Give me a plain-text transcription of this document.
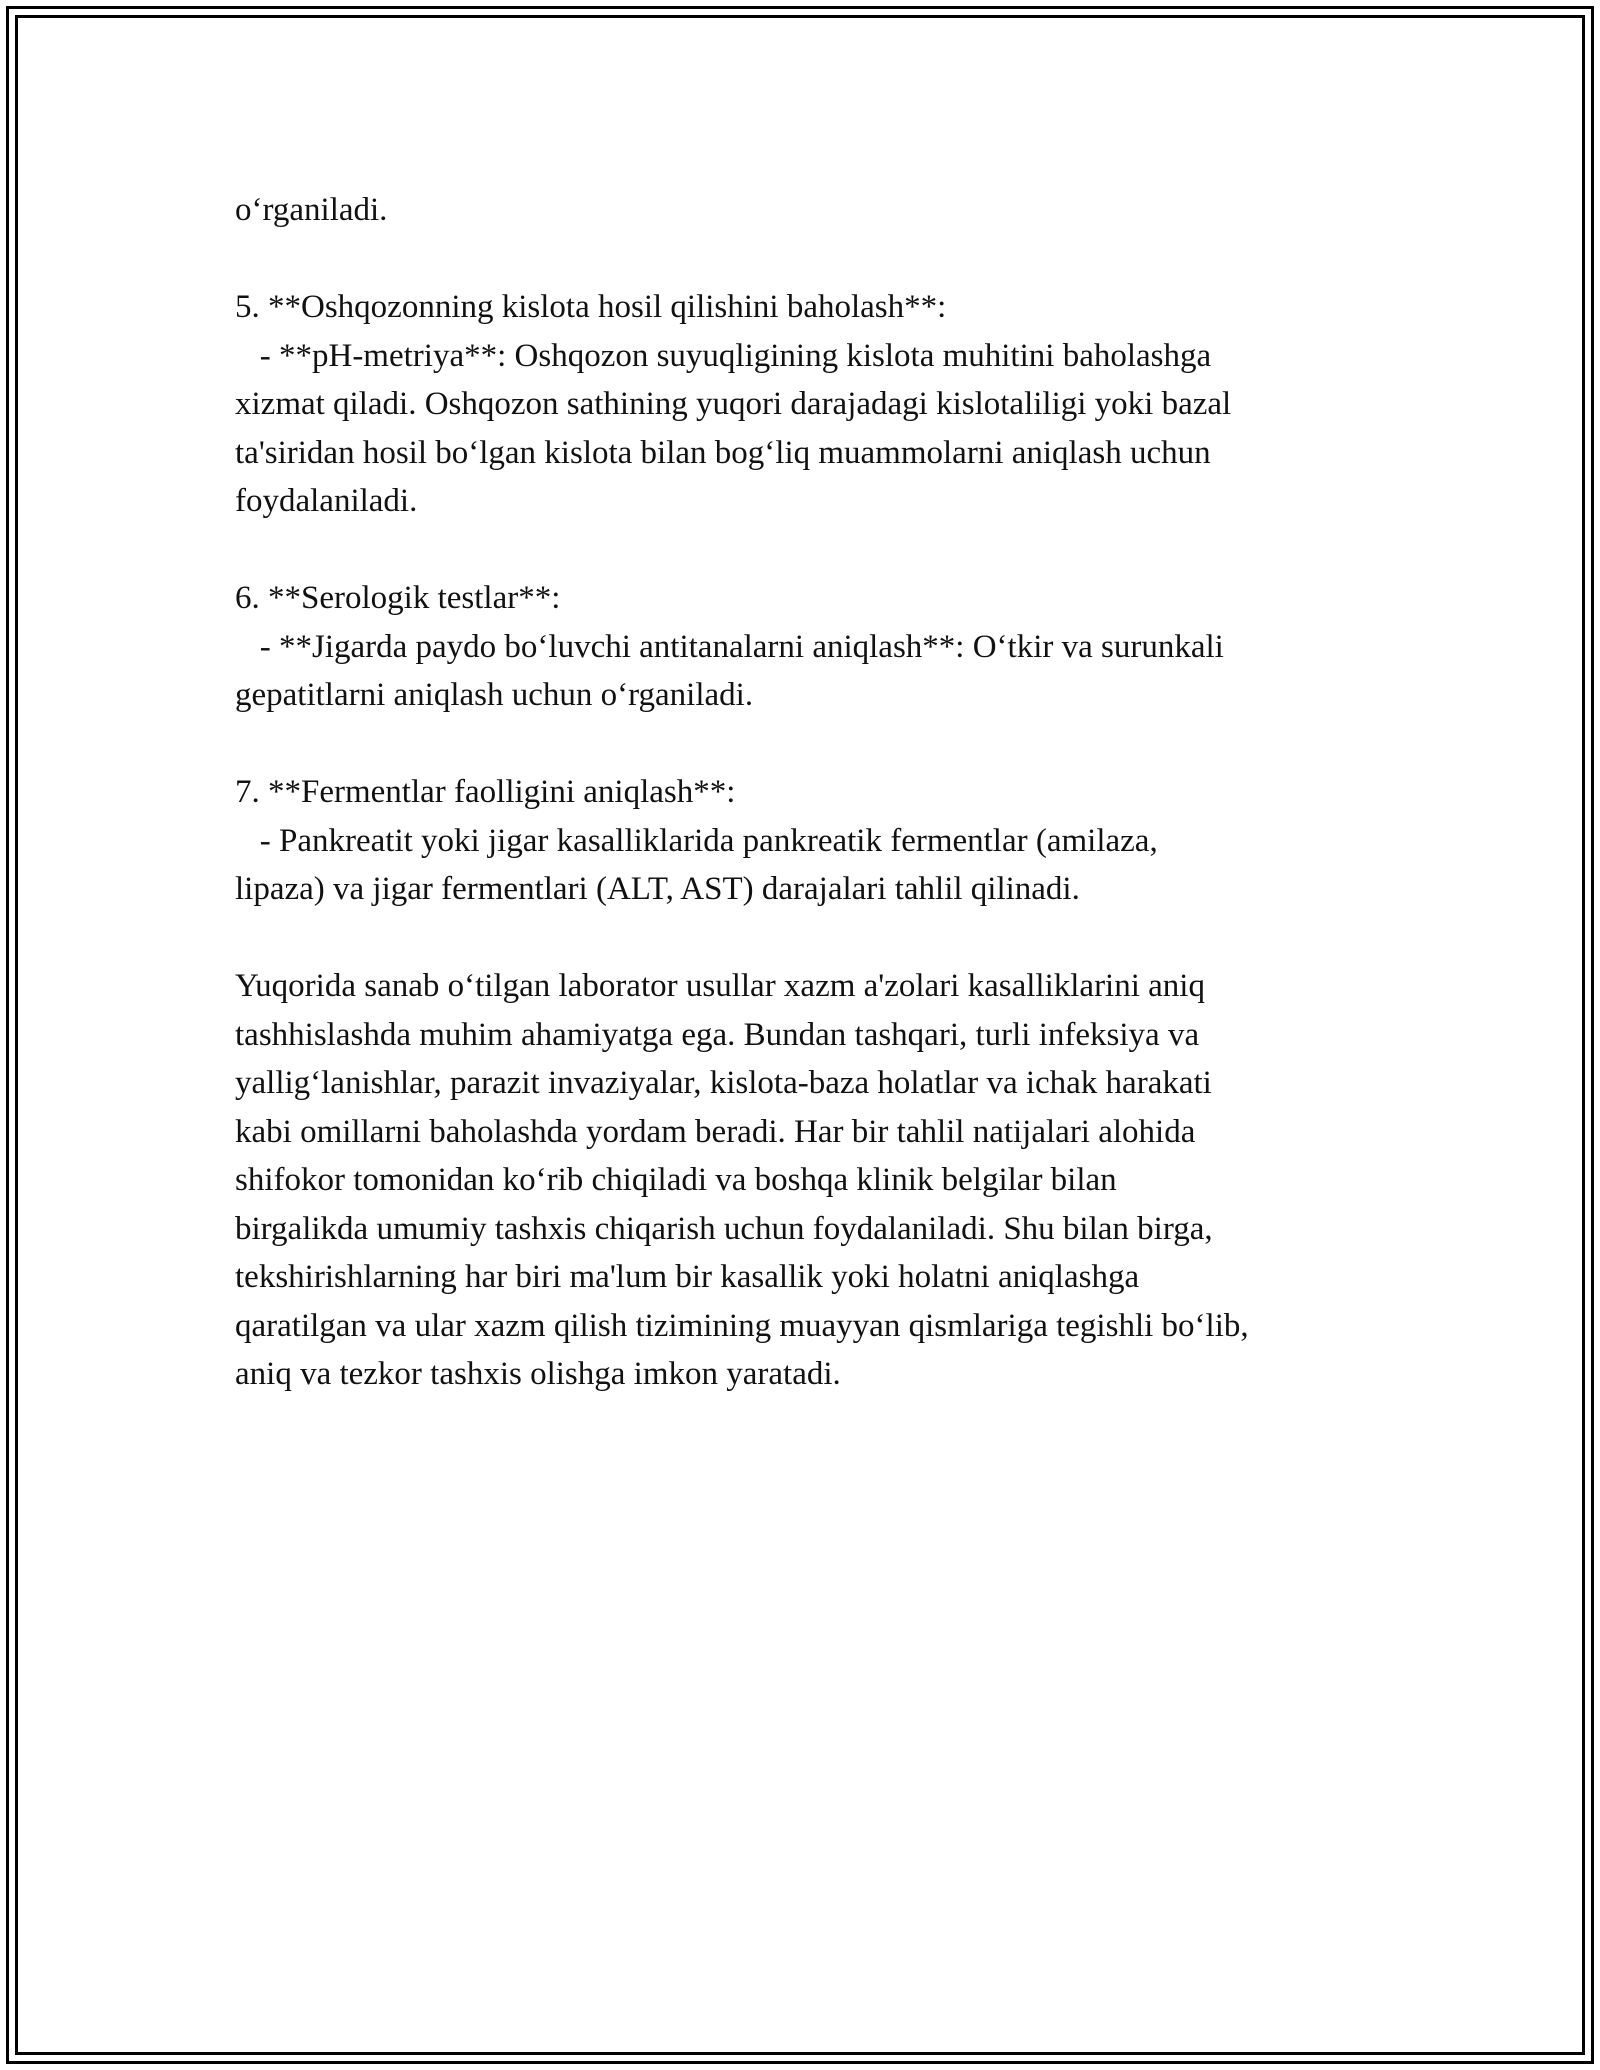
o‘rganiladi.

5. **Oshqozonning kislota hosil qilishini baholash**:

- **pH-metriya**: Oshqozon suyuqligining kislota muhitini baholashga

xizmat qiladi. Oshqozon sathining yuqori darajadagi kislotaliligi yoki bazal

ta'siridan hosil bo‘lgan kislota bilan bog‘liq muammolarni aniqlash uchun

foydalaniladi.

6. **Serologik testlar**:

- **Jigarda paydo bo‘luvchi antitanalarni aniqlash**: O‘tkir va surunkali

gepatitlarni aniqlash uchun o‘rganiladi.

7. **Fermentlar faolligini aniqlash**:

- Pankreatit yoki jigar kasalliklarida pankreatik fermentlar (amilaza,

lipaza) va jigar fermentlari (ALT, AST) darajalari tahlil qilinadi.

Yuqorida sanab o‘tilgan laborator usullar xazm a'zolari kasalliklarini aniq

tashhislashda muhim ahamiyatga ega. Bundan tashqari, turli infeksiya va

yallig‘lanishlar, parazit invaziyalar, kislota-baza holatlar va ichak harakati

kabi omillarni baholashda yordam beradi. Har bir tahlil natijalari alohida

shifokor tomonidan ko‘rib chiqiladi va boshqa klinik belgilar bilan

birgalikda umumiy tashxis chiqarish uchun foydalaniladi. Shu bilan birga,

tekshirishlarning har biri ma'lum bir kasallik yoki holatni aniqlashga

qaratilgan va ular xazm qilish tizimining muayyan qismlariga tegishli bo‘lib,

aniq va tezkor tashxis olishga imkon yaratadi.
